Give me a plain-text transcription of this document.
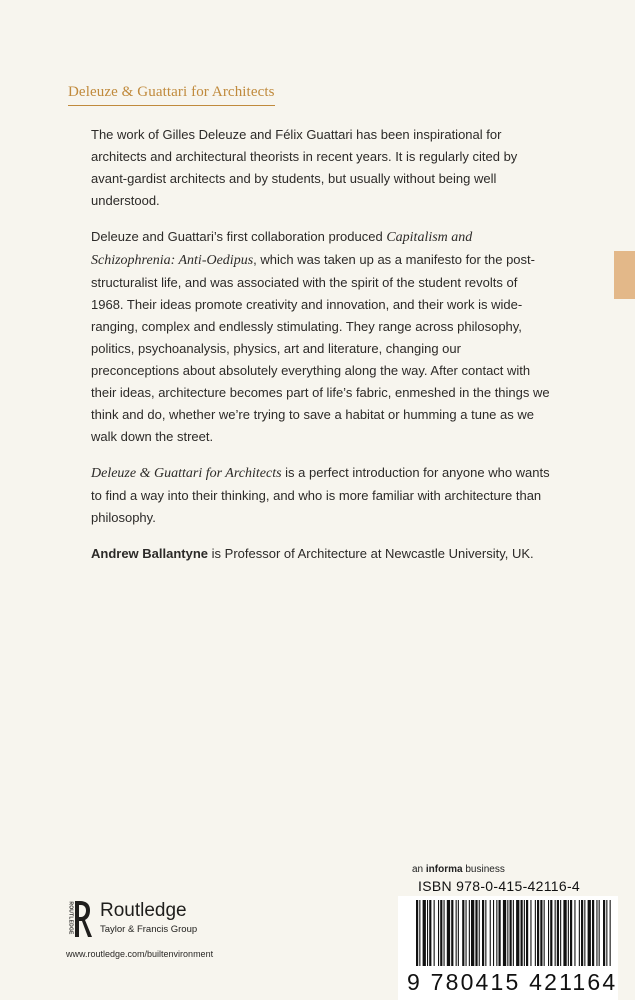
Deleuze & Guattari for Architects

The work of Gilles Deleuze and Félix Guattari has been inspirational for architects and architectural theorists in recent years. It is regularly cited by avant-gardist architects and by students, but usually without being well understood.

Deleuze and Guattari’s first collaboration produced Capitalism and Schizophrenia: Anti-Oedipus, which was taken up as a manifesto for the post-structuralist life, and was associated with the spirit of the student revolts of 1968. Their ideas promote creativity and innovation, and their work is wide-ranging, complex and endlessly stimulating. They range across philosophy, politics, psychoanalysis, physics, art and literature, changing our preconceptions about absolutely everything along the way. After contact with their ideas, architecture becomes part of life’s fabric, enmeshed in the things we think and do, whether we’re trying to save a habitat or humming a tune as we walk down the street.

Deleuze & Guattari for Architects is a perfect introduction for anyone who wants to find a way into their thinking, and who is more familiar with architecture than philosophy.

Andrew Ballantyne is Professor of Architecture at Newcastle University, UK.

ROUTLEDGE Routledge
Taylor & Francis Group
www.routledge.com/builtenvironment
an informa business
ISBN 978-0-415-42116-4
9 780415 421164
